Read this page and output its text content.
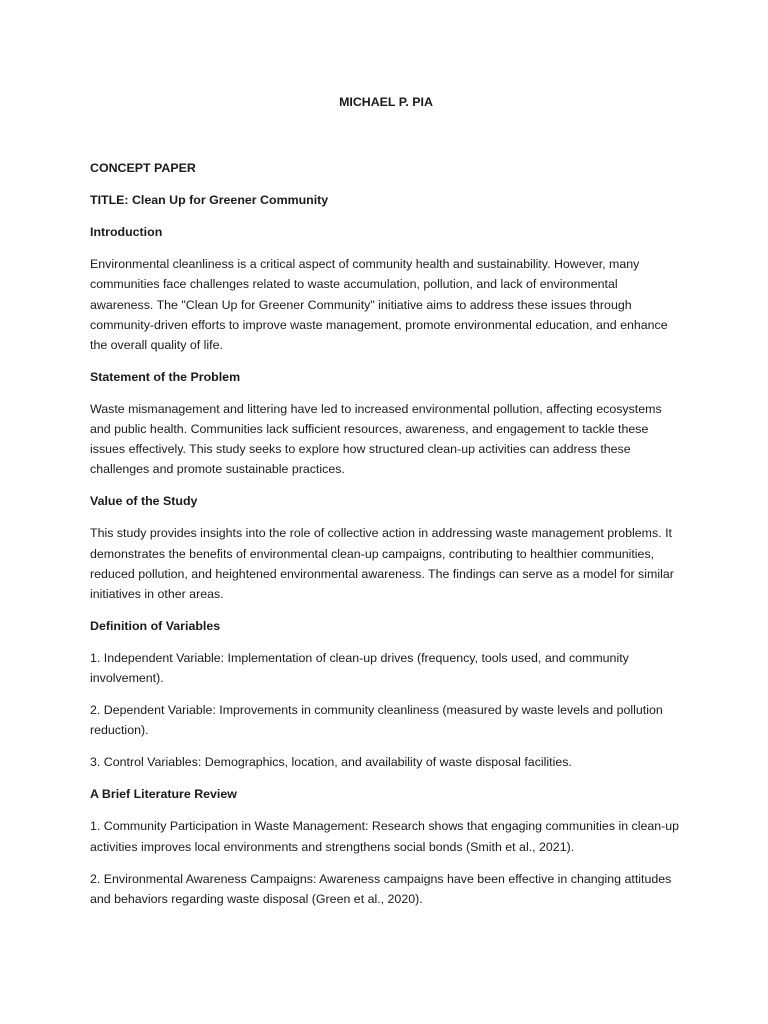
MICHAEL P. PIA

CONCEPT PAPER

TITLE: Clean Up for Greener Community

Introduction

Environmental cleanliness is a critical aspect of community health and sustainability. However, many communities face challenges related to waste accumulation, pollution, and lack of environmental awareness. The "Clean Up for Greener Community" initiative aims to address these issues through community-driven efforts to improve waste management, promote environmental education, and enhance the overall quality of life.

Statement of the Problem

Waste mismanagement and littering have led to increased environmental pollution, affecting ecosystems and public health. Communities lack sufficient resources, awareness, and engagement to tackle these issues effectively. This study seeks to explore how structured clean-up activities can address these challenges and promote sustainable practices.

Value of the Study

This study provides insights into the role of collective action in addressing waste management problems. It demonstrates the benefits of environmental clean-up campaigns, contributing to healthier communities, reduced pollution, and heightened environmental awareness. The findings can serve as a model for similar initiatives in other areas.

Definition of Variables

1. Independent Variable: Implementation of clean-up drives (frequency, tools used, and community involvement).

2. Dependent Variable: Improvements in community cleanliness (measured by waste levels and pollution reduction).

3. Control Variables: Demographics, location, and availability of waste disposal facilities.

A Brief Literature Review

1. Community Participation in Waste Management: Research shows that engaging communities in clean-up activities improves local environments and strengthens social bonds (Smith et al., 2021).

2. Environmental Awareness Campaigns: Awareness campaigns have been effective in changing attitudes and behaviors regarding waste disposal (Green et al., 2020).
